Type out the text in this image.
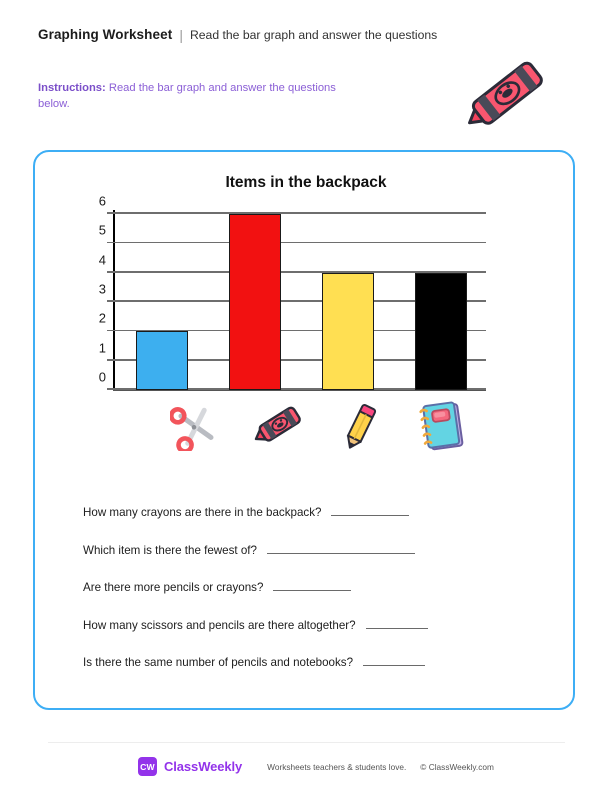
Graphing Worksheet | Read the bar graph and answer the questions
Instructions: Read the bar graph and answer the questions below.
Items in the backpack
0
1
2
3
4
5
6
How many crayons are there in the backpack?
Which item is there the fewest of?
Are there more pencils or crayons?
How many scissors and pencils are there altogether?
Is there the same number of pencils and notebooks?
CW ClassWeekly	Worksheets teachers & students love. © ClassWeekly.com
